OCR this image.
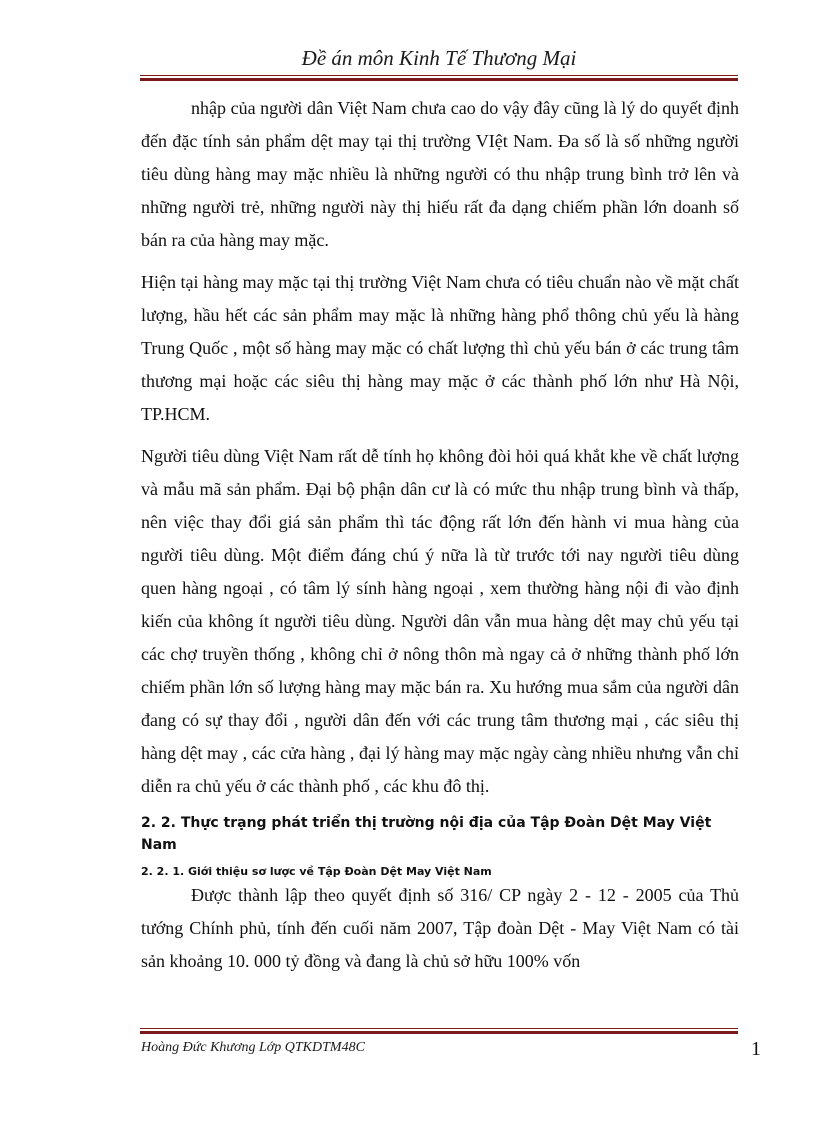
Đề án môn Kinh Tế Thương Mại

nhập của người dân Việt Nam chưa cao do vậy đây cũng là lý do quyết định đến đặc tính sản phẩm dệt may tại thị trường VIệt Nam. Đa số là số những người tiêu dùng hàng may mặc nhiều là những người có thu nhập trung bình trở lên và những người trẻ, những người này thị hiếu rất đa dạng chiếm phần lớn doanh số bán ra của hàng may mặc.

Hiện tại hàng may mặc tại thị trường Việt Nam chưa có tiêu chuẩn nào về mặt chất lượng, hầu hết các sản phẩm may mặc là những hàng phổ thông chủ yếu là hàng Trung Quốc , một số hàng may mặc có chất lượng thì chủ yếu bán ở các trung tâm thương mại hoặc các siêu thị hàng may mặc ở các thành phố lớn như Hà Nội, TP.HCM.

Người tiêu dùng Việt Nam rất dễ tính họ không đòi hỏi quá khắt khe về chất lượng và mẫu mã sản phẩm. Đại bộ phận dân cư là có mức thu nhập trung bình và thấp, nên việc thay đổi giá sản phẩm thì tác động rất lớn đến hành vi mua hàng của người tiêu dùng. Một điểm đáng chú ý nữa là từ trước tới nay người tiêu dùng quen hàng ngoại , có tâm lý sính hàng ngoại , xem thường hàng nội đi vào định kiến của không ít người tiêu dùng. Người dân vẫn mua hàng dệt may chủ yếu tại các chợ truyền thống , không chỉ ở nông thôn mà ngay cả ở những thành phố lớn chiếm phần lớn số lượng hàng may mặc bán ra. Xu hướng mua sắm của người dân đang có sự thay đổi , người dân đến với các trung tâm thương mại , các siêu thị hàng dệt may , các cửa hàng , đại lý hàng may mặc ngày càng nhiều nhưng vẫn chỉ diễn ra chủ yếu ở các thành phố , các khu đô thị.

2. 2. Thực trạng phát triển thị trường nội địa của Tập Đoàn Dệt May Việt Nam
2. 2. 1. Giới thiệu sơ lược về Tập Đoàn Dệt May Việt Nam

Được thành lập theo quyết định số 316/ CP ngày 2 - 12 - 2005 của Thủ tướng Chính phủ, tính đến cuối năm 2007, Tập đoàn Dệt - May Việt Nam có tài sản khoảng 10. 000 tỷ đồng và đang là chủ sở hữu 100% vốn

Hoàng Đức Khương Lớp QTKDTM48C	1
